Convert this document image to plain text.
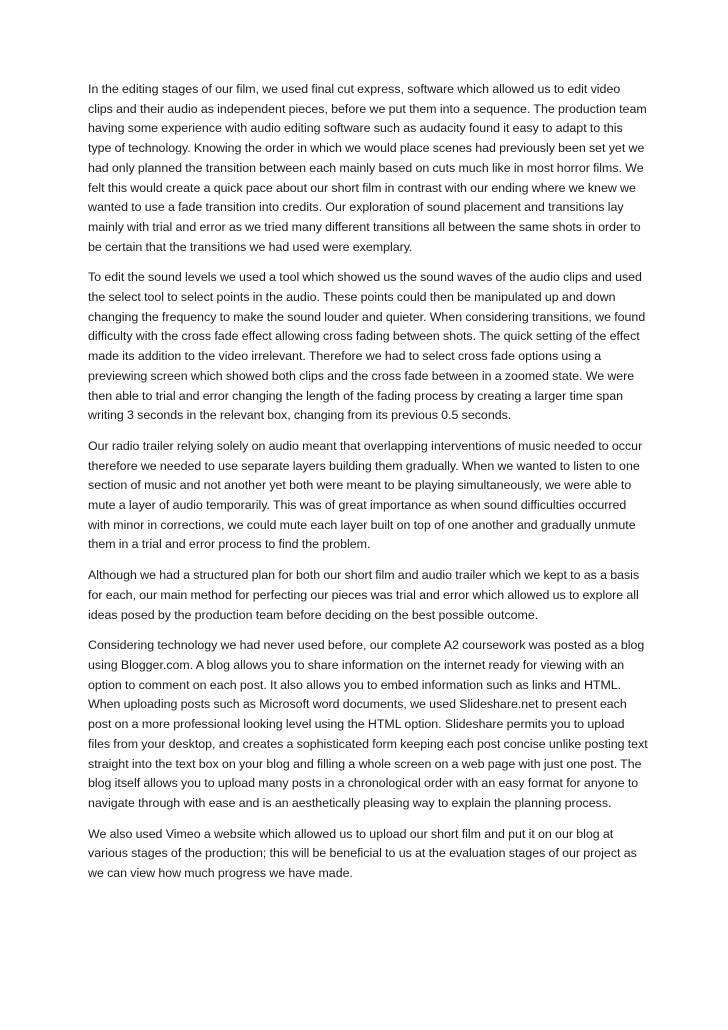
In the editing stages of our film, we used final cut express, software which allowed us to edit video clips and their audio as independent pieces, before we put them into a sequence. The production team having some experience with audio editing software such as audacity found it easy to adapt to this type of technology. Knowing the order in which we would place scenes had previously been set yet we had only planned the transition between each mainly based on cuts much like in most horror films. We felt this would create a quick pace about our short film in contrast with our ending where we knew we wanted to use a fade transition into credits. Our exploration of sound placement and transitions lay mainly with trial and error as we tried many different transitions all between the same shots in order to be certain that the transitions we had used were exemplary.

To edit the sound levels we used a tool which showed us the sound waves of the audio clips and used the select tool to select points in the audio. These points could then be manipulated up and down changing the frequency to make the sound louder and quieter. When considering transitions, we found difficulty with the cross fade effect allowing cross fading between shots. The quick setting of the effect made its addition to the video irrelevant. Therefore we had to select cross fade options using a previewing screen which showed both clips and the cross fade between in a zoomed state. We were then able to trial and error changing the length of the fading process by creating a larger time span writing 3 seconds in the relevant box, changing from its previous 0.5 seconds.

Our radio trailer relying solely on audio meant that overlapping interventions of music needed to occur therefore we needed to use separate layers building them gradually. When we wanted to listen to one section of music and not another yet both were meant to be playing simultaneously, we were able to mute a layer of audio temporarily. This was of great importance as when sound difficulties occurred with minor in corrections, we could mute each layer built on top of one another and gradually unmute them in a trial and error process to find the problem.

Although we had a structured plan for both our short film and audio trailer which we kept to as a basis for each, our main method for perfecting our pieces was trial and error which allowed us to explore all ideas posed by the production team before deciding on the best possible outcome.

Considering technology we had never used before, our complete A2 coursework was posted as a blog using Blogger.com. A blog allows you to share information on the internet ready for viewing with an option to comment on each post. It also allows you to embed information such as links and HTML. When uploading posts such as Microsoft word documents, we used Slideshare.net to present each post on a more professional looking level using the HTML option. Slideshare permits you to upload files from your desktop, and creates a sophisticated form keeping each post concise unlike posting text straight into the text box on your blog and filling a whole screen on a web page with just one post. The blog itself allows you to upload many posts in a chronological order with an easy format for anyone to navigate through with ease and is an aesthetically pleasing way to explain the planning process.

We also used Vimeo a website which allowed us to upload our short film and put it on our blog at various stages of the production; this will be beneficial to us at the evaluation stages of our project as we can view how much progress we have made.
